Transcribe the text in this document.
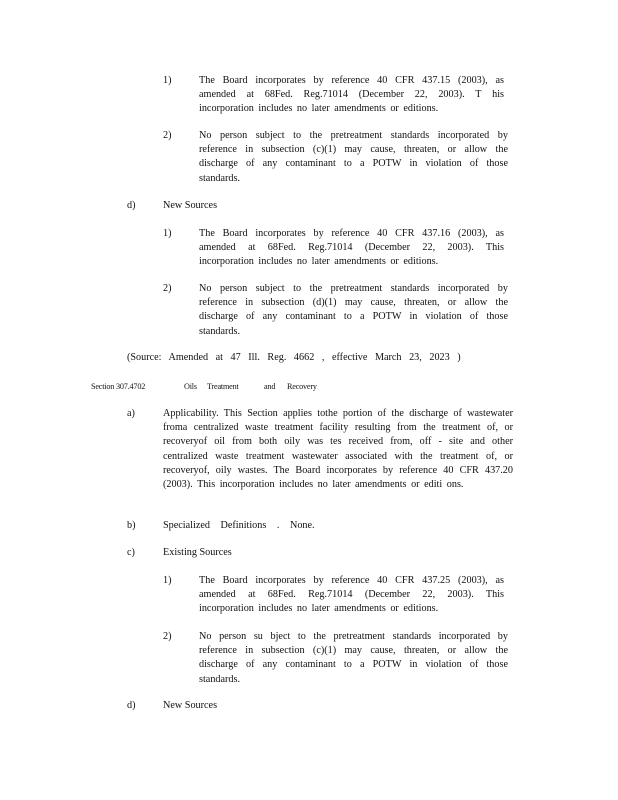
1)	The Board incorporates by reference 40 CFR 437.15 (2003), as amended at 68Fed. Reg.71014 (December 22, 2003). T his incorporation includes no later amendments or editions.

2)	No person subject to the pretreatment standards incorporated by reference in subsection (c)(1) may cause, threaten, or allow the discharge of any contaminant to a POTW in violation of those standards.

d)	New Sources
1)	The Board incorporates by reference 40 CFR 437.16 (2003), as amended at 68Fed. Reg.71014 (December 22, 2003). This incorporation includes no later amendments or editions.

2)	No person subject to the pretreatment standards incorporated by reference in subsection (d)(1) may cause, threaten, or allow the discharge of any contaminant to a POTW in violation of those standards.

(Source: Amended at 47 Ill. Reg. 4662 , effective March 23, 2023 )

Section 307.4702	Oils Treatment	and Recovery
a)	Applicability. This Section applies tothe portion of the discharge of wastewater froma centralized waste treatment facility resulting from the treatment of, or recoveryof oil from both oily was tes received from, off - site and other centralized waste treatment wastewater associated with the treatment of, or recoveryof, oily wastes. The Board incorporates by reference 40 CFR 437.20 (2003). This incorporation includes no later amendments or editi ons.

b)	Specialized Definitions . None.
c)	Existing Sources
1)	The Board incorporates by reference 40 CFR 437.25 (2003), as amended at 68Fed. Reg.71014 (December 22, 2003). This incorporation includes no later amendments or editions.

2)	No person su bject to the pretreatment standards incorporated by reference in subsection (c)(1) may cause, threaten, or allow the discharge of any contaminant to a POTW in violation of those standards.

d)	New Sources
